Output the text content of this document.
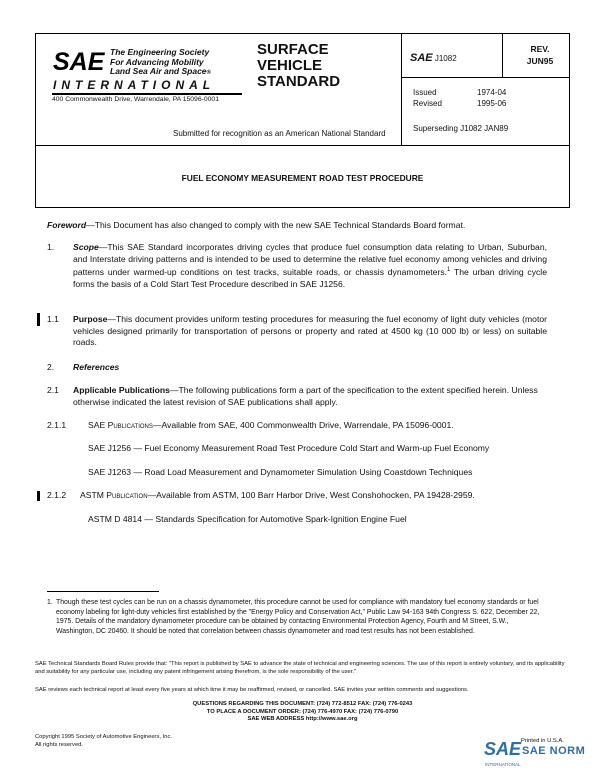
SAE The Engineering Society
For Advancing Mobility
Land Sea Air and Space®
INTERNATIONAL
400 Commonwealth Drive, Warrendale, PA 15096-0001
SURFACE
VEHICLE
STANDARD
Submitted for recognition as an American National Standard
SAE J1082
REV.
JUN95
Issued	1974-04
Revised	1995-06
Superseding J1082 JAN89
FUEL ECONOMY MEASUREMENT ROAD TEST PROCEDURE
Foreword—This Document has also changed to comply with the new SAE Technical Standards Board format.
1. Scope—This SAE Standard incorporates driving cycles that produce fuel consumption data relating to Urban, Suburban, and Interstate driving patterns and is intended to be used to determine the relative fuel economy among vehicles and driving patterns under warmed-up conditions on test tracks, suitable roads, or chassis dynamometers.$^1$ The urban driving cycle forms the basis of a Cold Start Test Procedure described in SAE J1256.
1.1 Purpose—This document provides uniform testing procedures for measuring the fuel economy of light duty vehicles (motor vehicles designed primarily for transportation of persons or property and rated at 4500 kg (10 000 lb) or less) on suitable roads.
2. References
2.1 Applicable Publications—The following publications form a part of the specification to the extent specified herein. Unless otherwise indicated the latest revision of SAE publications shall apply.
2.1.1	SAE Publications—Available from SAE, 400 Commonwealth Drive, Warrendale, PA 15096-0001.
SAE J1256 — Fuel Economy Measurement Road Test Procedure Cold Start and Warm-up Fuel Economy
SAE J1263 — Road Load Measurement and Dynamometer Simulation Using Coastdown Techniques
2.1.2 ASTM Publication—Available from ASTM, 100 Barr Harbor Drive, West Conshohocken, PA 19428-2959.
ASTM D 4814 — Standards Specification for Automotive Spark-Ignition Engine Fuel
1. Though these test cycles can be run on a chassis dynamometer, this procedure cannot be used for compliance with mandatory fuel economy standards or fuel economy labeling for light-duty vehicles first established by the "Energy Policy and Conservation Act," Public Law 94-163 94th Congress S. 622, December 22, 1975. Details of the mandatory dynamometer procedure can be obtained by contacting Environmental Protection Agency, Fourth and M Street, S.W., Washington, DC 20460. It should be noted that correlation between chassis dynamometer and road test results has not been established.
SAE Technical Standards Board Rules provide that: "This report is published by SAE to advance the state of technical and engineering sciences. The use of this report is entirely voluntary, and its applicability and suitability for any particular use, including any patent infringement arising therefrom, is the sole responsibility of the user."
SAE reviews each technical report at least every five years at which time it may be reaffirmed, revised, or cancelled. SAE invites your written comments and suggestions.
QUESTIONS REGARDING THIS DOCUMENT: (724) 772-8512 FAX: (724) 776-0243
TO PLACE A DOCUMENT ORDER: (724) 776-4970 FAX: (724) 776-0790
SAE WEB ADDRESS http://www.sae.org
Copyright 1995 Society of Automotive Engineers, Inc.
All rights reserved.
Printed in U.S.A.
SAE SAE NORM
INTERNATIONAL
